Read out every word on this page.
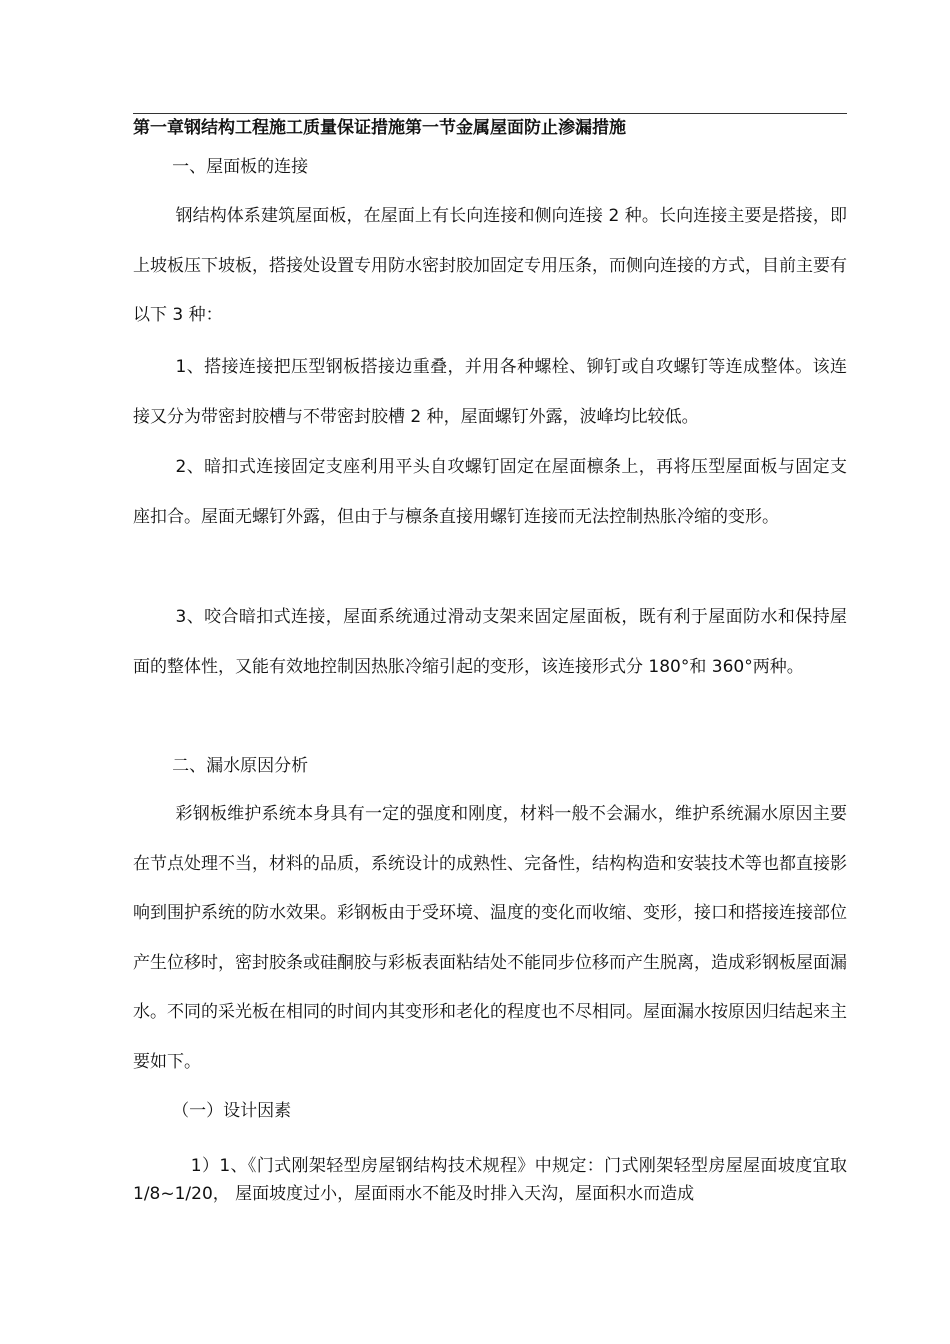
第一章钢结构工程施工质量保证措施第一节金属屋面防止渗漏措施

一、屋面板的连接

钢结构体系建筑屋面板，在屋面上有长向连接和侧向连接 2 种。长向连接主要是搭接，即上坡板压下坡板，搭接处设置专用防水密封胶加固定专用压条，而侧向连接的方式，目前主要有以下 3 种：

1、搭接连接把压型钢板搭接边重叠，并用各种螺栓、铆钉或自攻螺钉等连成整体。该连接又分为带密封胶槽与不带密封胶槽 2 种，屋面螺钉外露，波峰均比较低。

2、暗扣式连接固定支座利用平头自攻螺钉固定在屋面檩条上，再将压型屋面板与固定支座扣合。屋面无螺钉外露，但由于与檩条直接用螺钉连接而无法控制热胀冷缩的变形。

3、咬合暗扣式连接，屋面系统通过滑动支架来固定屋面板，既有利于屋面防水和保持屋面的整体性，又能有效地控制因热胀冷缩引起的变形，该连接形式分 180°和 360°两种。

二、漏水原因分析

彩钢板维护系统本身具有一定的强度和刚度，材料一般不会漏水，维护系统漏水原因主要在节点处理不当，材料的品质，系统设计的成熟性、完备性，结构构造和安装技术等也都直接影响到围护系统的防水效果。彩钢板由于受环境、温度的变化而收缩、变形，接口和搭接连接部位产生位移时，密封胶条或硅酮胶与彩板表面粘结处不能同步位移而产生脱离，造成彩钢板屋面漏水。不同的采光板在相同的时间内其变形和老化的程度也不尽相同。屋面漏水按原因归结起来主要如下。

（一）设计因素

1）1、《门式刚架轻型房屋钢结构技术规程》中规定：门式刚架轻型房屋屋面坡度宜取 1/8~1/20， 屋面坡度过小，屋面雨水不能及时排入天沟，屋面积水而造成
